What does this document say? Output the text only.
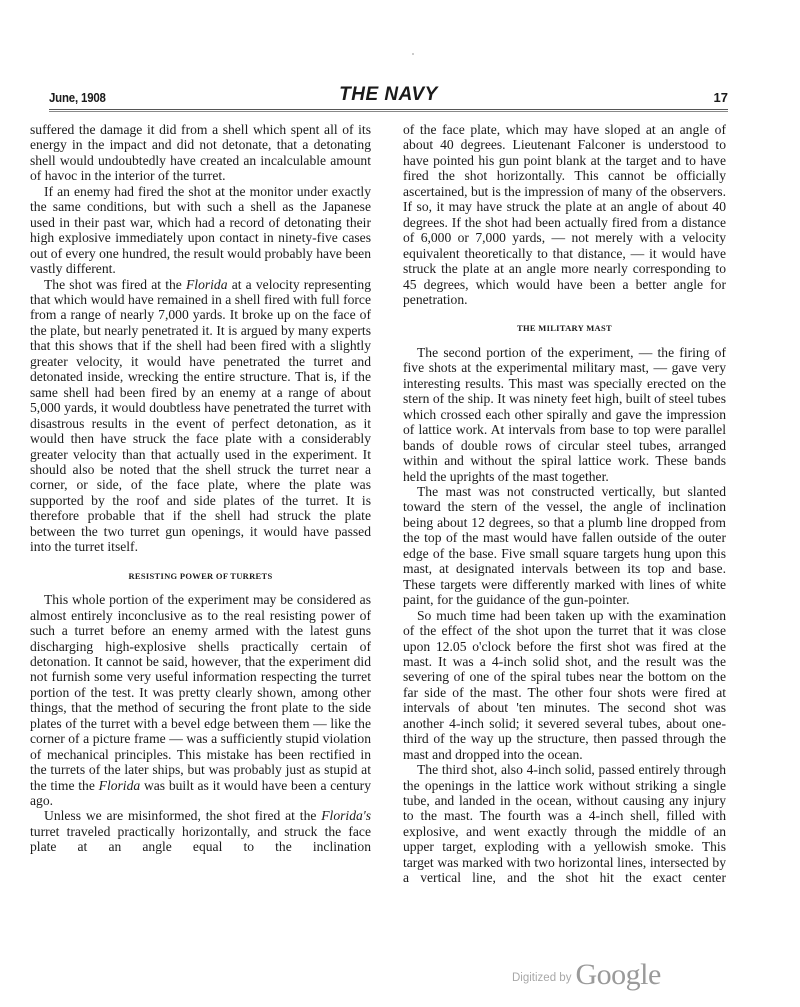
June, 1908	THE NAVY	17

suffered the damage it did from a shell which spent all of its energy in the impact and did not detonate, that a detonating shell would undoubtedly have created an incalculable amount of havoc in the interior of the turret.

If an enemy had fired the shot at the monitor under exactly the same conditions, but with such a shell as the Japanese used in their past war, which had a record of detonating their high explosive immediately upon contact in ninety-five cases out of every one hundred, the result would probably have been vastly different.

The shot was fired at the Florida at a velocity representing that which would have remained in a shell fired with full force from a range of nearly 7,000 yards. It broke up on the face of the plate, but nearly penetrated it. It is argued by many experts that this shows that if the shell had been fired with a slightly greater velocity, it would have penetrated the turret and detonated inside, wrecking the entire structure. That is, if the same shell had been fired by an enemy at a range of about 5,000 yards, it would doubtless have penetrated the turret with disastrous results in the event of perfect detonation, as it would then have struck the face plate with a considerably greater velocity than that actually used in the experiment. It should also be noted that the shell struck the turret near a corner, or side, of the face plate, where the plate was supported by the roof and side plates of the turret. It is therefore probable that if the shell had struck the plate between the two turret gun openings, it would have passed into the turret itself.

RESISTING POWER OF TURRETS

This whole portion of the experiment may be considered as almost entirely inconclusive as to the real resisting power of such a turret before an enemy armed with the latest guns discharging high-explosive shells practically certain of detonation. It cannot be said, however, that the experiment did not furnish some very useful information respecting the turret portion of the test. It was pretty clearly shown, among other things, that the method of securing the front plate to the side plates of the turret with a bevel edge between them — like the corner of a picture frame — was a sufficiently stupid violation of mechanical principles. This mistake has been rectified in the turrets of the later ships, but was probably just as stupid at the time the Florida was built as it would have been a century ago.

Unless we are misinformed, the shot fired at the Florida's turret traveled practically horizontally, and struck the face plate at an angle equal to the inclination

of the face plate, which may have sloped at an angle of about 40 degrees. Lieutenant Falconer is understood to have pointed his gun point blank at the target and to have fired the shot horizontally. This cannot be officially ascertained, but is the impression of many of the observers. If so, it may have struck the plate at an angle of about 40 degrees. If the shot had been actually fired from a distance of 6,000 or 7,000 yards, — not merely with a velocity equivalent theoretically to that distance, — it would have struck the plate at an angle more nearly corresponding to 45 degrees, which would have been a better angle for penetration.

THE MILITARY MAST

The second portion of the experiment, — the firing of five shots at the experimental military mast, — gave very interesting results. This mast was specially erected on the stern of the ship. It was ninety feet high, built of steel tubes which crossed each other spirally and gave the impression of lattice work. At intervals from base to top were parallel bands of double rows of circular steel tubes, arranged within and without the spiral lattice work. These bands held the uprights of the mast together.

The mast was not constructed vertically, but slanted toward the stern of the vessel, the angle of inclination being about 12 degrees, so that a plumb line dropped from the top of the mast would have fallen outside of the outer edge of the base. Five small square targets hung upon this mast, at designated intervals between its top and base. These targets were differently marked with lines of white paint, for the guidance of the gun-pointer.

So much time had been taken up with the examination of the effect of the shot upon the turret that it was close upon 12.05 o'clock before the first shot was fired at the mast. It was a 4-inch solid shot, and the result was the severing of one of the spiral tubes near the bottom on the far side of the mast. The other four shots were fired at intervals of about 'ten minutes. The second shot was another 4-inch solid; it severed several tubes, about one-third of the way up the structure, then passed through the mast and dropped into the ocean.

The third shot, also 4-inch solid, passed entirely through the openings in the lattice work without striking a single tube, and landed in the ocean, without causing any injury to the mast. The fourth was a 4-inch shell, filled with explosive, and went exactly through the middle of an upper target, exploding with a yellowish smoke. This target was marked with two horizontal lines, intersected by a vertical line, and the shot hit the exact center

Digitized by Google
